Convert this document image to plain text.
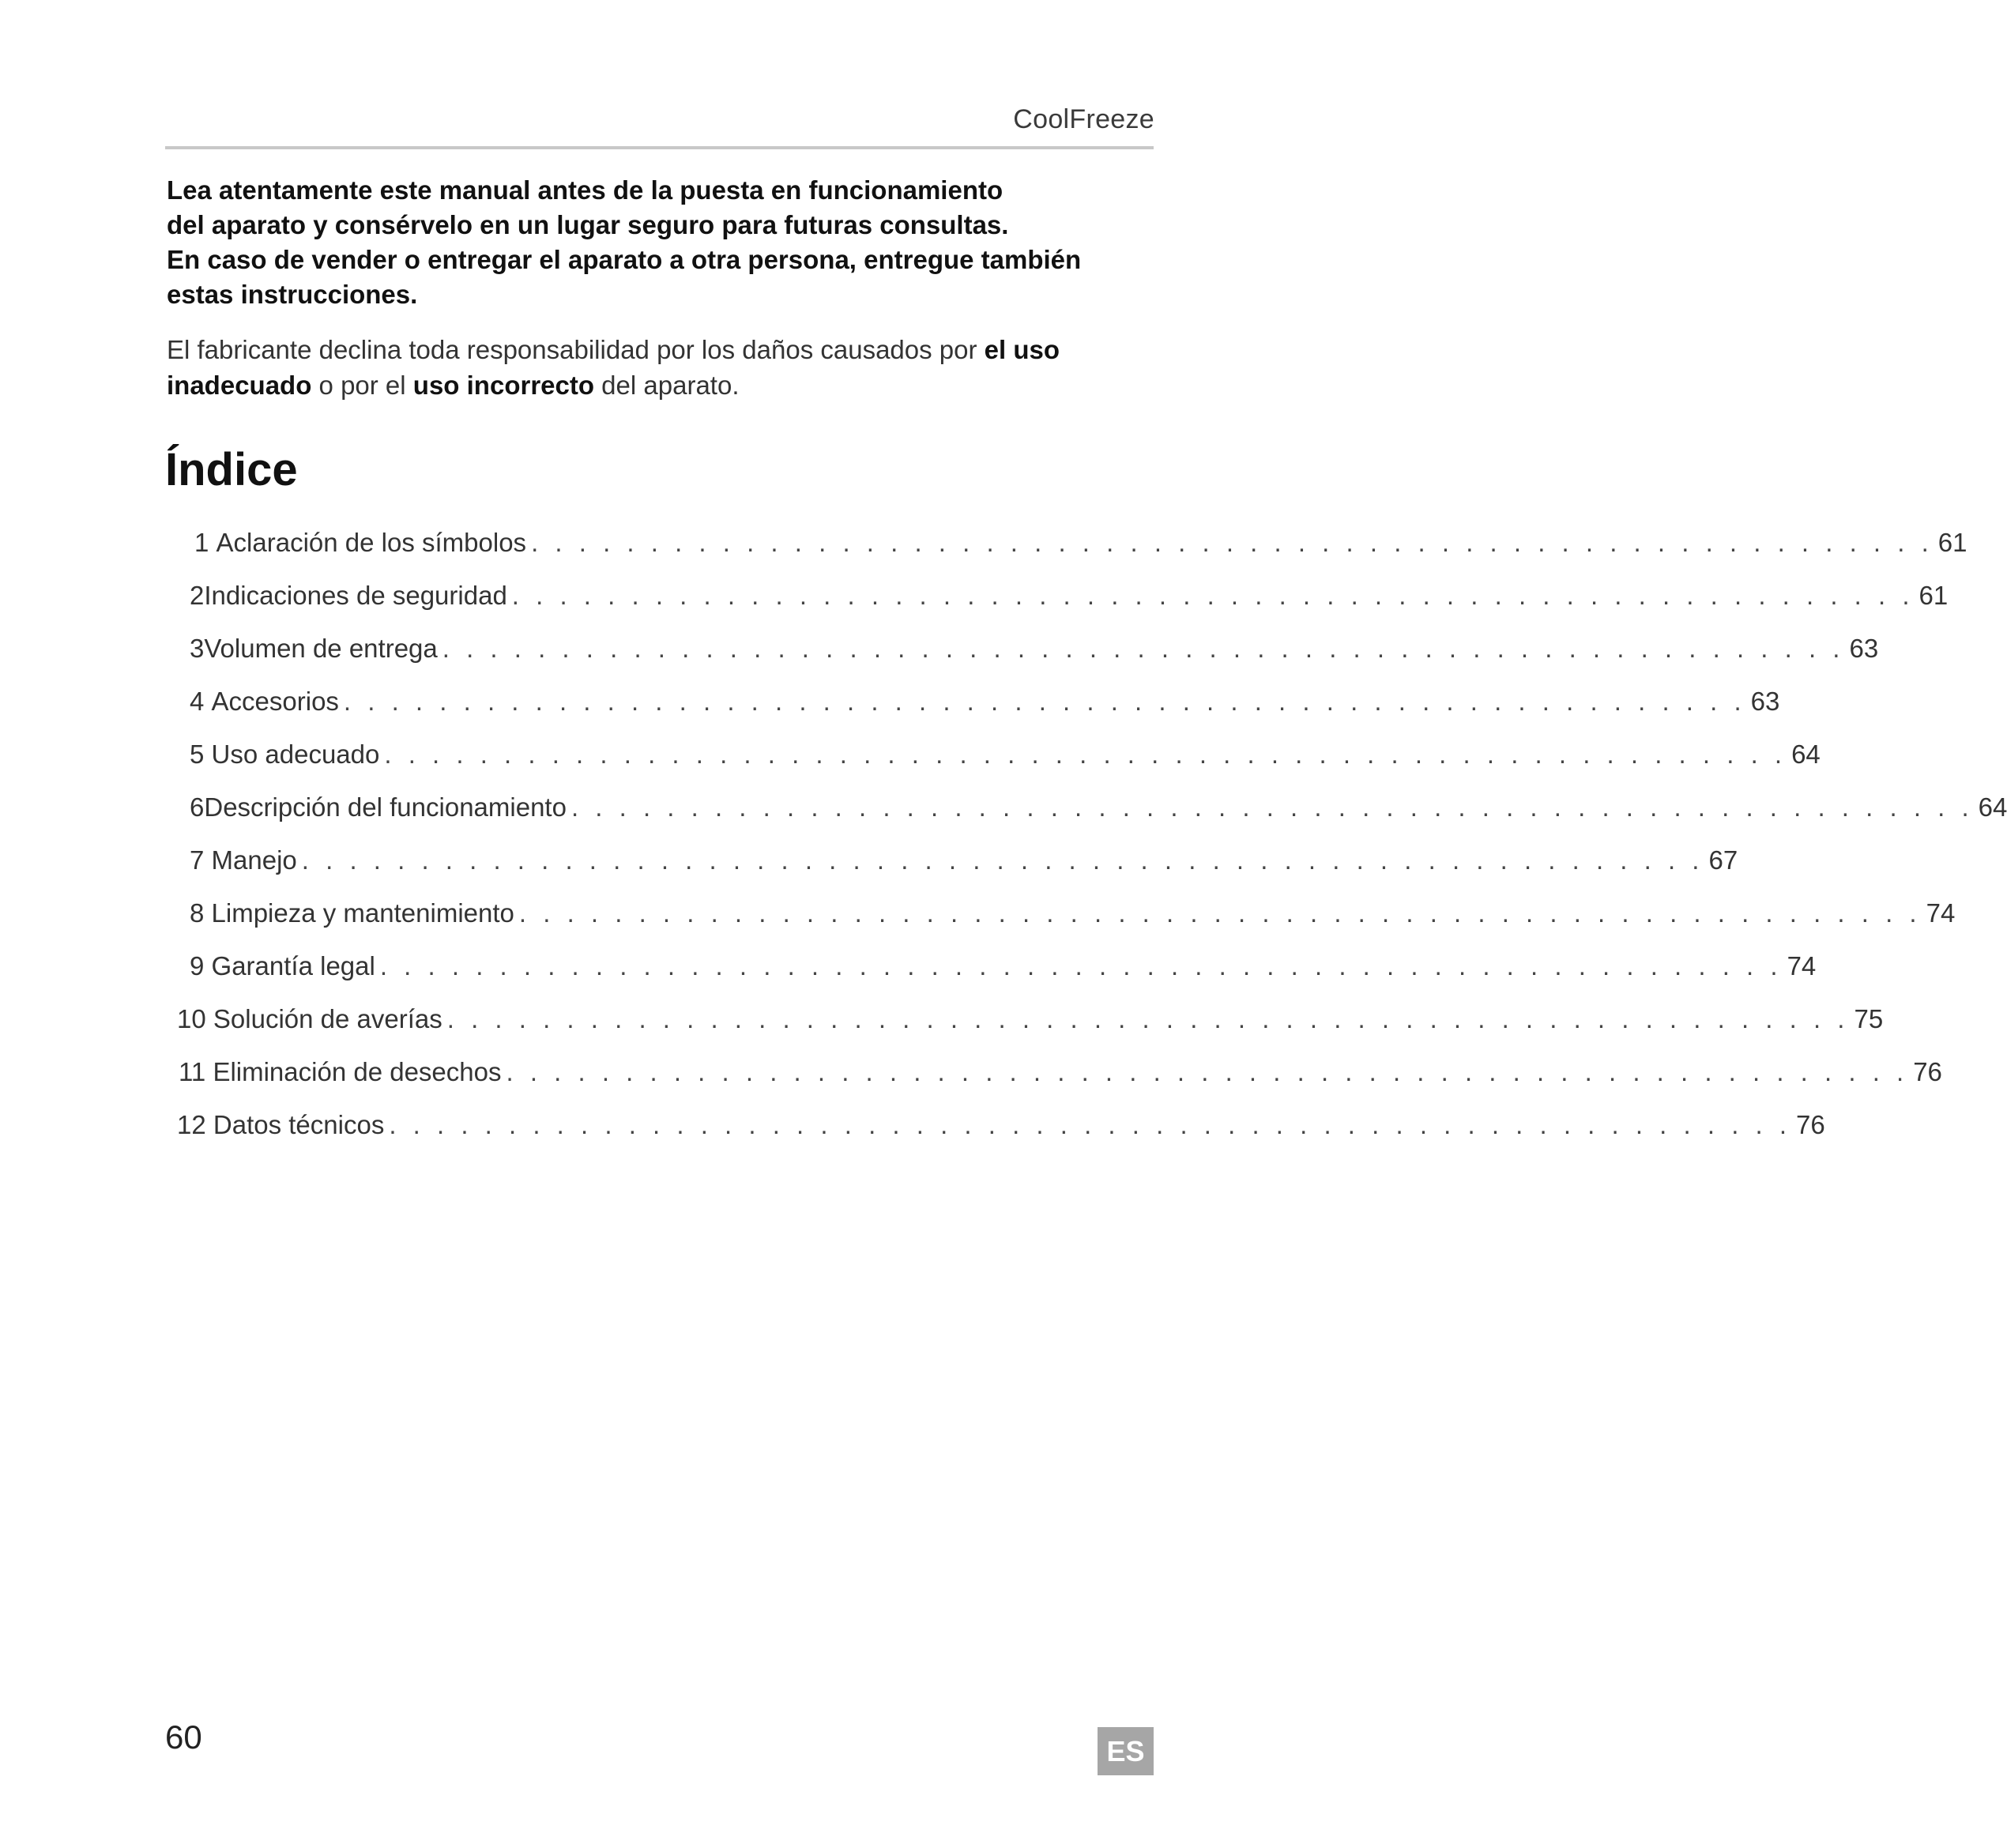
CoolFreeze
Lea atentamente este manual antes de la puesta en funcionamiento
del aparato y consérvelo en un lugar seguro para futuras consultas.
En caso de vender o entregar el aparato a otra persona, entregue también
estas instrucciones.
El fabricante declina toda responsabilidad por los daños causados por el uso
inadecuado o por el uso incorrecto del aparato.
Índice
1
Aclaración de los símbolos . . . . . . . . . . . . . . . . . . . . . . . . . . . . . . . . . . . . . . . . . . . . . . . . . . . . . . . . . . . 61
2 Indicaciones de seguridad . . . . . . . . . . . . . . . . . . . . . . . . . . . . . . . . . . . . . . . . . . . . . . . . . . . . . . . . . . . 61
3 Volumen de entrega . . . . . . . . . . . . . . . . . . . . . . . . . . . . . . . . . . . . . . . . . . . . . . . . . . . . . . . . . . . 63
4
Accesorios . . . . . . . . . . . . . . . . . . . . . . . . . . . . . . . . . . . . . . . . . . . . . . . . . . . . . . . . . . . 63
5
Uso adecuado . . . . . . . . . . . . . . . . . . . . . . . . . . . . . . . . . . . . . . . . . . . . . . . . . . . . . . . . . . . 64
6 Descripción del funcionamiento . . . . . . . . . . . . . . . . . . . . . . . . . . . . . . . . . . . . . . . . . . . . . . . . . . . . . . . . . . . 64
7
Manejo . . . . . . . . . . . . . . . . . . . . . . . . . . . . . . . . . . . . . . . . . . . . . . . . . . . . . . . . . . . 67
8
Limpieza y mantenimiento . . . . . . . . . . . . . . . . . . . . . . . . . . . . . . . . . . . . . . . . . . . . . . . . . . . . . . . . . . . 74
9
Garantía legal . . . . . . . . . . . . . . . . . . . . . . . . . . . . . . . . . . . . . . . . . . . . . . . . . . . . . . . . . . . 74
10
Solución de averías . . . . . . . . . . . . . . . . . . . . . . . . . . . . . . . . . . . . . . . . . . . . . . . . . . . . . . . . . . . 75
11
Eliminación de desechos . . . . . . . . . . . . . . . . . . . . . . . . . . . . . . . . . . . . . . . . . . . . . . . . . . . . . . . . . . . 76
12
Datos técnicos . . . . . . . . . . . . . . . . . . . . . . . . . . . . . . . . . . . . . . . . . . . . . . . . . . . . . . . . . . . 76
60	ES
